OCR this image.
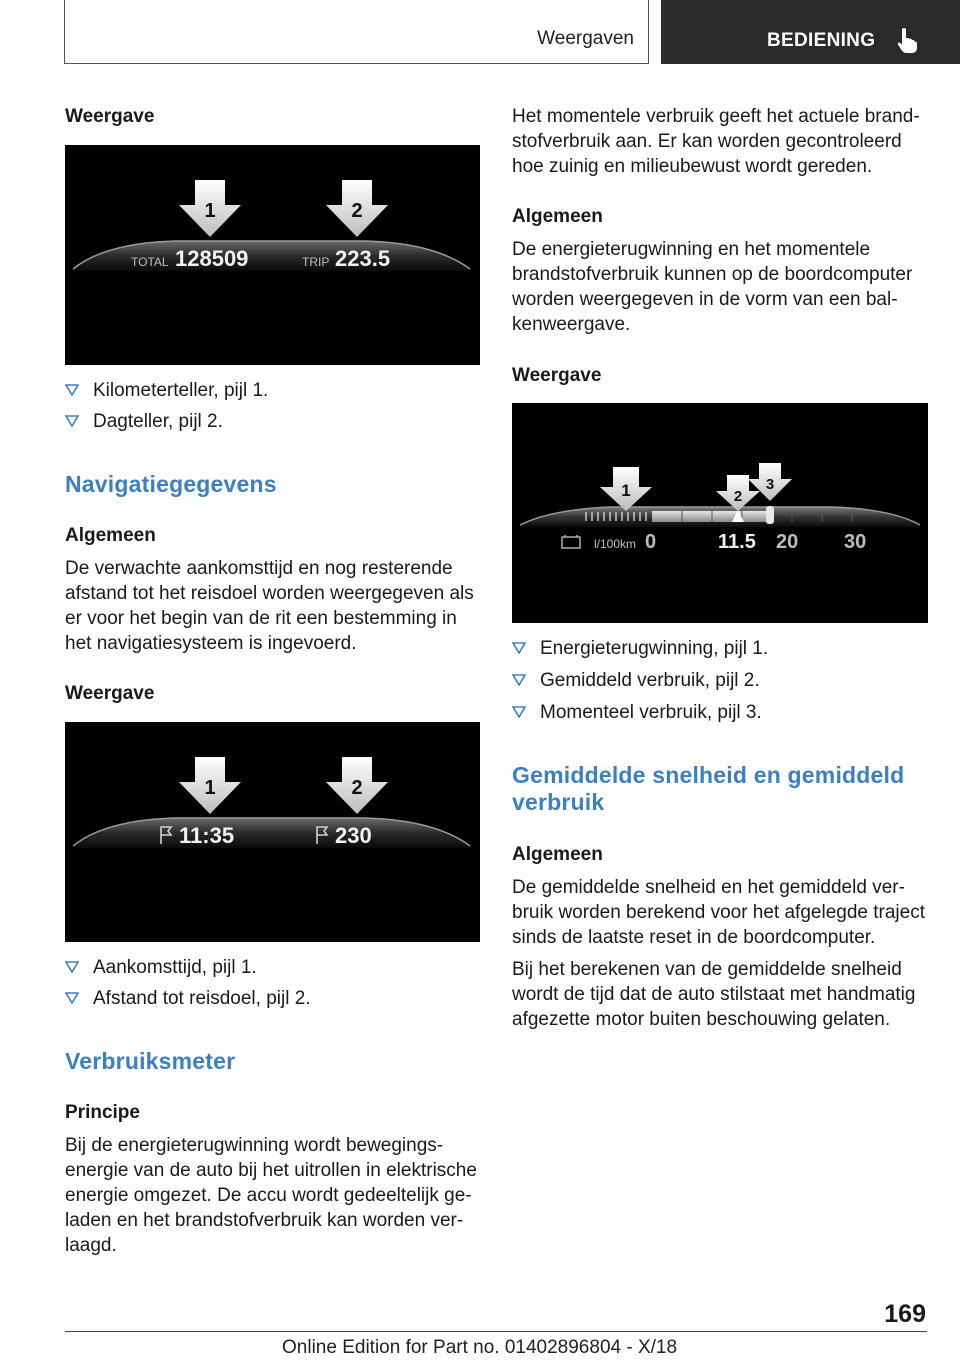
Weergaven	BEDIENING
Weergave
1	2
TOTAL 128509	TRIP 223.5
Kilometerteller, pijl 1.
Dagteller, pijl 2.
Navigatiegegevens
Algemeen

De verwachte aankomsttijd en nog resterende afstand tot het reisdoel worden weergegeven als er voor het begin van de rit een bestemming in het navigatiesysteem is ingevoerd.

Weergave
1	2
11:35	230
Aankomsttijd, pijl 1.
Afstand tot reisdoel, pijl 2.
Verbruiksmeter
Principe

Bij de energieterugwinning wordt bewegingsenergie van de auto bij het uitrollen in elektrische energie omgezet. De accu wordt gedeeltelijk geladen en het brandstofverbruik kan worden verlaagd.

Het momentele verbruik geeft het actuele brandstofverbruik aan. Er kan worden gecontroleerd hoe zuinig en milieubewust wordt gereden.

Algemeen

De energieterugwinning en het momentele brandstofverbruik kunnen op de boordcomputer worden weergegeven in de vorm van een balkenweergave.

Weergave
1	2
3
l/100km 0	11.5 20 30
Energieterugwinning, pijl 1.
Gemiddeld verbruik, pijl 2.
Momenteel verbruik, pijl 3.
Gemiddelde snelheid en gemiddeld
verbruik
Algemeen

De gemiddelde snelheid en het gemiddeld verbruik worden berekend voor het afgelegde traject sinds de laatste reset in de boordcomputer.

Bij het berekenen van de gemiddelde snelheid wordt de tijd dat de auto stilstaat met handmatig afgezette motor buiten beschouwing gelaten.

169
Online Edition for Part no. 01402896804 - X/18
